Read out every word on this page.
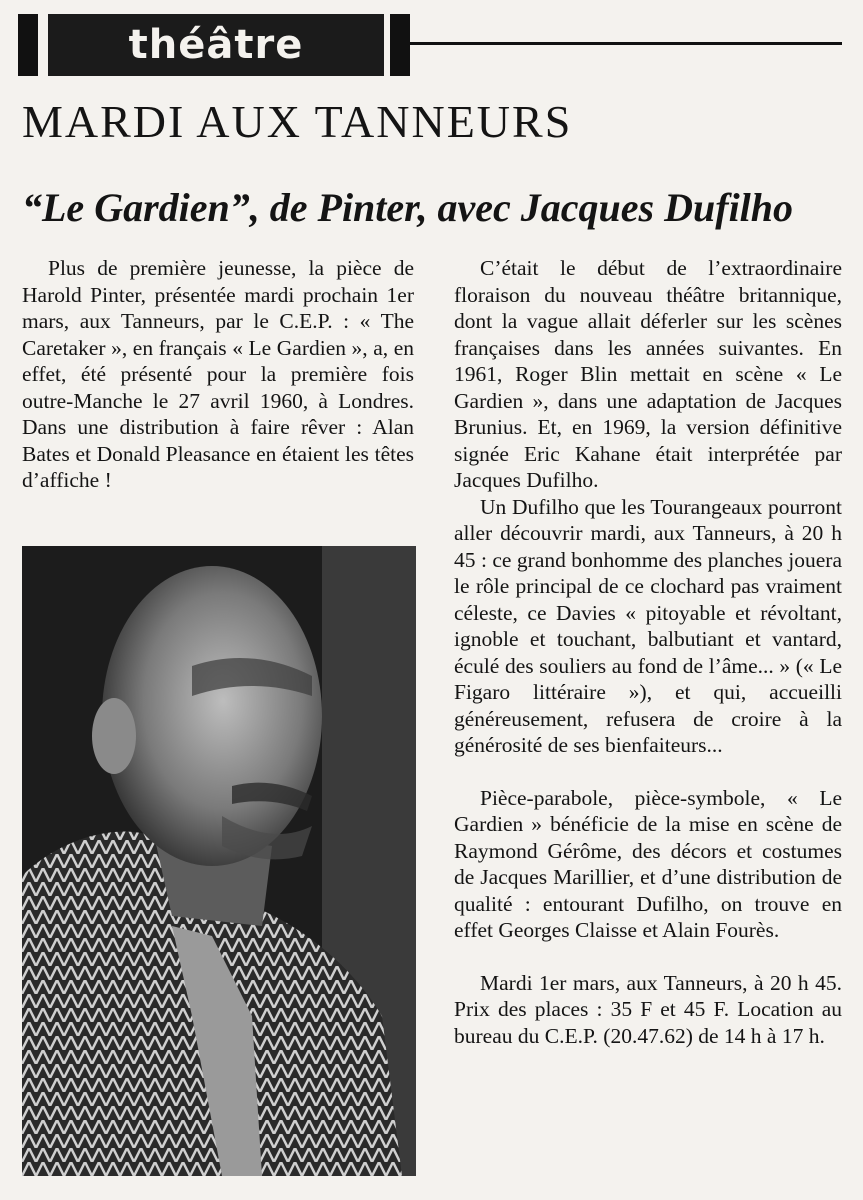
théâtre
MARDI AUX TANNEURS
“Le Gardien”, de Pinter, avec Jacques Dufilho

Plus de première jeunesse, la pièce de Harold Pinter, présentée mardi prochain 1er mars, aux Tanneurs, par le C.E.P. : « The Caretaker », en français « Le Gardien », a, en effet, été présenté pour la première fois outre-Manche le 27 avril 1960, à Londres. Dans une distribution à faire rêver : Alan Bates et Donald Pleasance en étaient les têtes d’affiche !

C’était le début de l’extraordinaire floraison du nouveau théâtre britannique, dont la vague allait déferler sur les scènes françaises dans les années suivantes. En 1961, Roger Blin mettait en scène « Le Gardien », dans une adaptation de Jacques Brunius. Et, en 1969, la version définitive signée Eric Kahane était interprétée par Jacques Dufilho.

Un Dufilho que les Tourangeaux pourront aller découvrir mardi, aux Tanneurs, à 20 h 45 : ce grand bonhomme des planches jouera le rôle principal de ce clochard pas vraiment céleste, ce Davies « pitoyable et révoltant, ignoble et touchant, balbutiant et vantard, éculé des souliers au fond de l’âme... » (« Le Figaro littéraire »), et qui, accueilli généreusement, refusera de croire à la générosité de ses bienfaiteurs...

Pièce-parabole, pièce-symbole, « Le Gardien » bénéficie de la mise en scène de Raymond Gérôme, des décors et costumes de Jacques Marillier, et d’une distribution de qualité : entourant Dufilho, on trouve en effet Georges Claisse et Alain Fourès.

Mardi 1er mars, aux Tanneurs, à 20 h 45. Prix des places : 35 F et 45 F. Location au bureau du C.E.P. (20.47.62) de 14 h à 17 h.
